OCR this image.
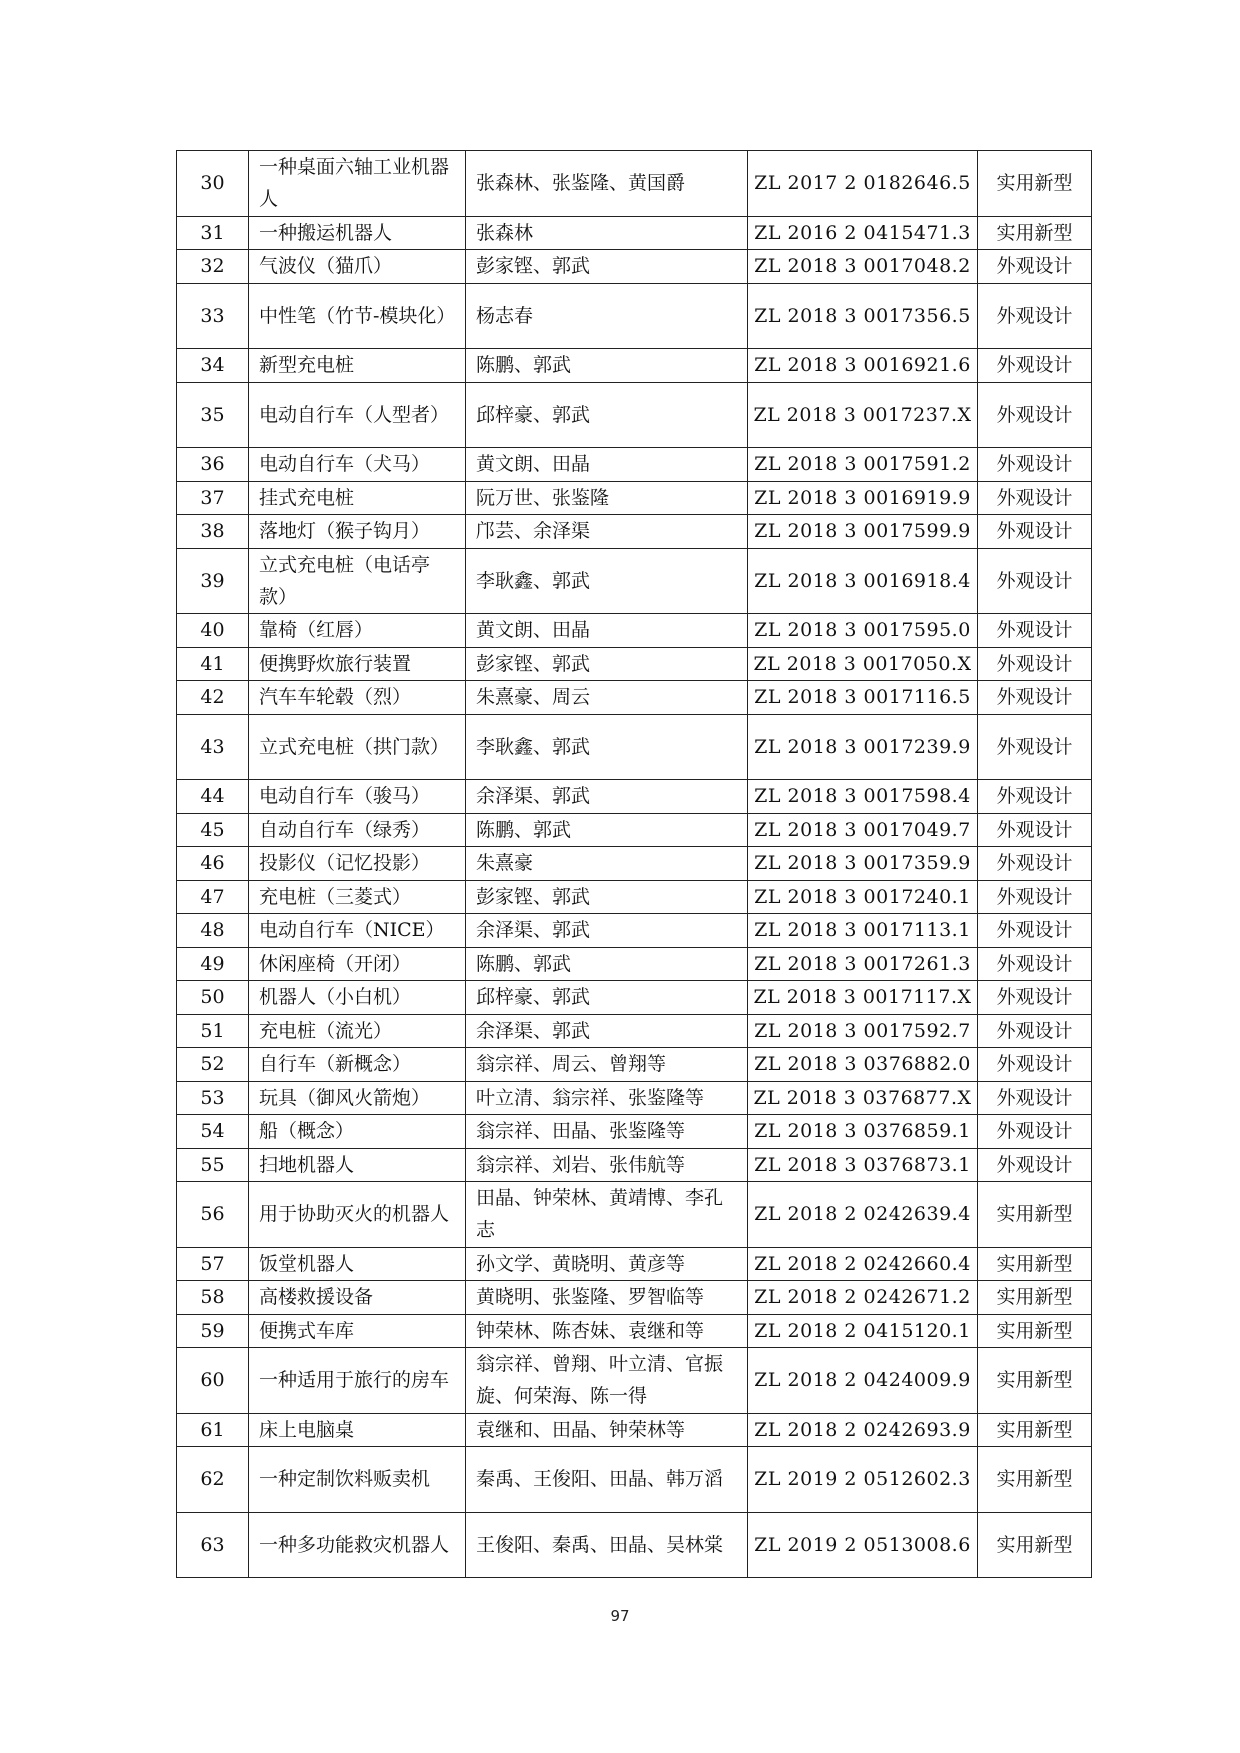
30	一种桌面六轴工业机器人	张森林、张鉴隆、黄国爵	ZL 2017 2 0182646.5	实用新型
31	一种搬运机器人	张森林	ZL 2016 2 0415471.3	实用新型
32	气波仪（猫爪）	彭家铿、郭武	ZL 2018 3 0017048.2	外观设计
33	中性笔（竹节-模块化）	杨志春	ZL 2018 3 0017356.5	外观设计
34	新型充电桩	陈鹏、郭武	ZL 2018 3 0016921.6	外观设计
35	电动自行车（人型者）	邱梓豪、郭武	ZL 2018 3 0017237.X	外观设计
36	电动自行车（犬马）	黄文朗、田晶	ZL 2018 3 0017591.2	外观设计
37	挂式充电桩	阮万世、张鉴隆	ZL 2018 3 0016919.9	外观设计
38	落地灯（猴子钩月）	邝芸、余泽渠	ZL 2018 3 0017599.9	外观设计
39	立式充电桩（电话亭款）	李耿鑫、郭武	ZL 2018 3 0016918.4	外观设计
40	靠椅（红唇）	黄文朗、田晶	ZL 2018 3 0017595.0	外观设计
41	便携野炊旅行装置	彭家铿、郭武	ZL 2018 3 0017050.X	外观设计
42	汽车车轮毂（烈）	朱熹豪、周云	ZL 2018 3 0017116.5	外观设计
43	立式充电桩（拱门款）	李耿鑫、郭武	ZL 2018 3 0017239.9	外观设计
44	电动自行车（骏马）	余泽渠、郭武	ZL 2018 3 0017598.4	外观设计
45	自动自行车（绿秀）	陈鹏、郭武	ZL 2018 3 0017049.7	外观设计
46	投影仪（记忆投影）	朱熹豪	ZL 2018 3 0017359.9	外观设计
47	充电桩（三菱式）	彭家铿、郭武	ZL 2018 3 0017240.1	外观设计
48	电动自行车（NICE）	余泽渠、郭武	ZL 2018 3 0017113.1	外观设计
49	休闲座椅（开闭）	陈鹏、郭武	ZL 2018 3 0017261.3	外观设计
50	机器人（小白机）	邱梓豪、郭武	ZL 2018 3 0017117.X	外观设计
51	充电桩（流光）	余泽渠、郭武	ZL 2018 3 0017592.7	外观设计
52	自行车（新概念）	翁宗祥、周云、曾翔等	ZL 2018 3 0376882.0	外观设计
53	玩具（御风火箭炮）	叶立清、翁宗祥、张鉴隆等	ZL 2018 3 0376877.X	外观设计
54	船（概念）	翁宗祥、田晶、张鉴隆等	ZL 2018 3 0376859.1	外观设计
55	扫地机器人	翁宗祥、刘岩、张伟航等	ZL 2018 3 0376873.1	外观设计
56	用于协助灭火的机器人	田晶、钟荣林、黄靖博、李孔志	ZL 2018 2 0242639.4	实用新型
57	饭堂机器人	孙文学、黄晓明、黄彦等	ZL 2018 2 0242660.4	实用新型
58	高楼救援设备	黄晓明、张鉴隆、罗智临等	ZL 2018 2 0242671.2	实用新型
59	便携式车库	钟荣林、陈杏妹、袁继和等	ZL 2018 2 0415120.1	实用新型
60	一种适用于旅行的房车	翁宗祥、曾翔、叶立清、官振旋、何荣海、陈一得	ZL 2018 2 0424009.9	实用新型
61	床上电脑桌	袁继和、田晶、钟荣林等	ZL 2018 2 0242693.9	实用新型
62	一种定制饮料贩卖机	秦禹、王俊阳、田晶、韩万滔	ZL 2019 2 0512602.3	实用新型
63	一种多功能救灾机器人	王俊阳、秦禹、田晶、吴林棠	ZL 2019 2 0513008.6	实用新型
97
